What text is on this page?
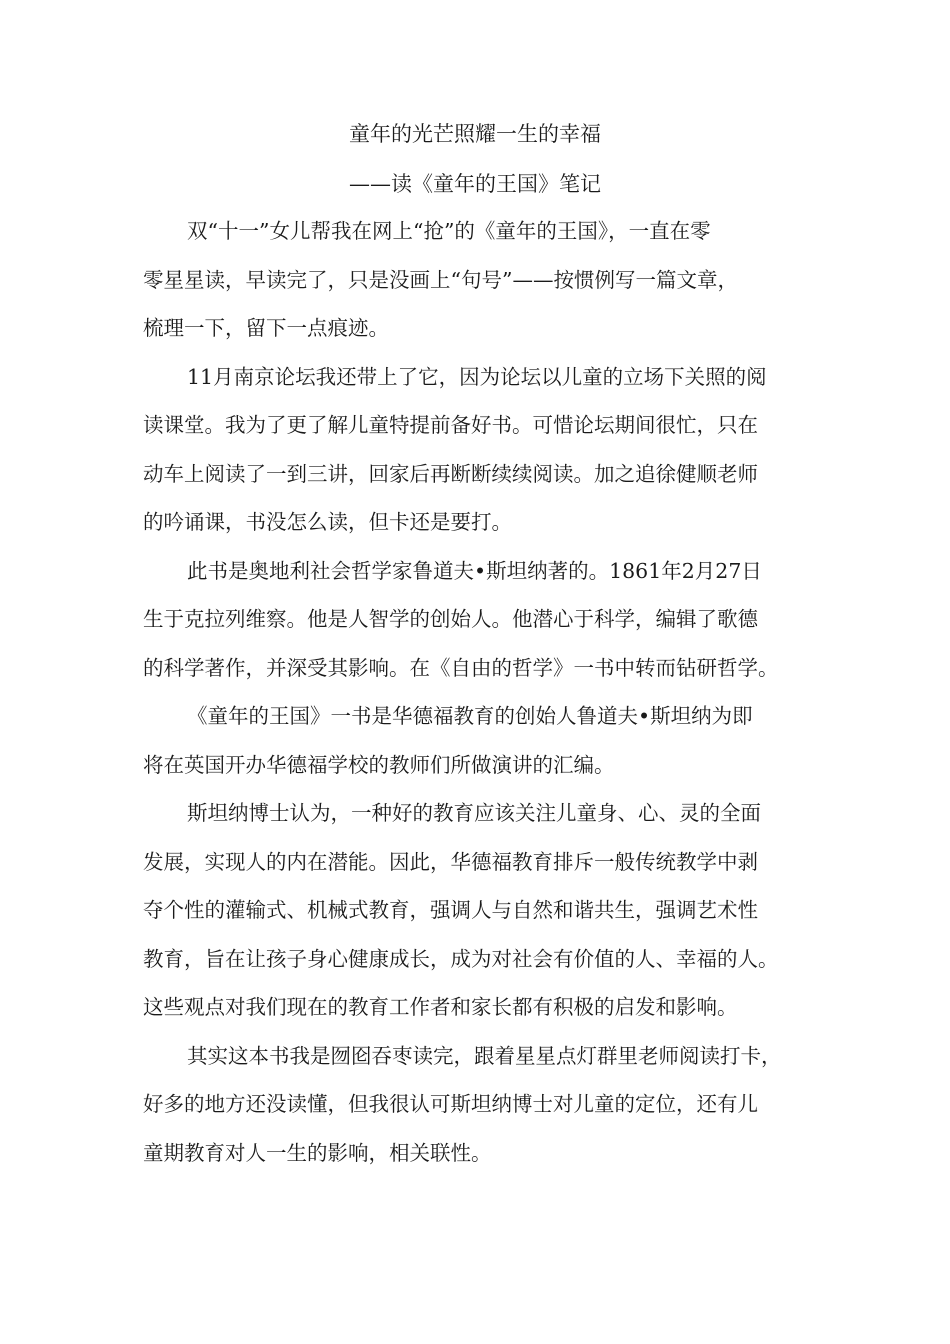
童年的光芒照耀一生的幸福
——读《童年的王国》笔记
双“十一”女儿帮我在网上“抢”的《童年的王国》，一直在零
零星星读，早读完了，只是没画上“句号”——按惯例写一篇文章，
梳理一下，留下一点痕迹。
11月南京论坛我还带上了它，因为论坛以儿童的立场下关照的阅
读课堂。我为了更了解儿童特提前备好书。可惜论坛期间很忙，只在
动车上阅读了一到三讲，回家后再断断续续阅读。加之追徐健顺老师
的吟诵课，书没怎么读，但卡还是要打。
此书是奥地利社会哲学家鲁道夫•斯坦纳著的。1861年2月27日
生于克拉列维察。他是人智学的创始人。他潜心于科学，编辑了歌德
的科学著作，并深受其影响。在《自由的哲学》一书中转而钻研哲学。
《童年的王国》一书是华德福教育的创始人鲁道夫•斯坦纳为即
将在英国开办华德福学校的教师们所做演讲的汇编。
斯坦纳博士认为，一种好的教育应该关注儿童身、心、灵的全面
发展，实现人的内在潜能。因此，华德福教育排斥一般传统教学中剥
夺个性的灌输式、机械式教育，强调人与自然和谐共生，强调艺术性
教育，旨在让孩子身心健康成长，成为对社会有价值的人、幸福的人。
这些观点对我们现在的教育工作者和家长都有积极的启发和影响。
其实这本书我是囫囵吞枣读完，跟着星星点灯群里老师阅读打卡，
好多的地方还没读懂，但我很认可斯坦纳博士对儿童的定位，还有儿
童期教育对人一生的影响，相关联性。
